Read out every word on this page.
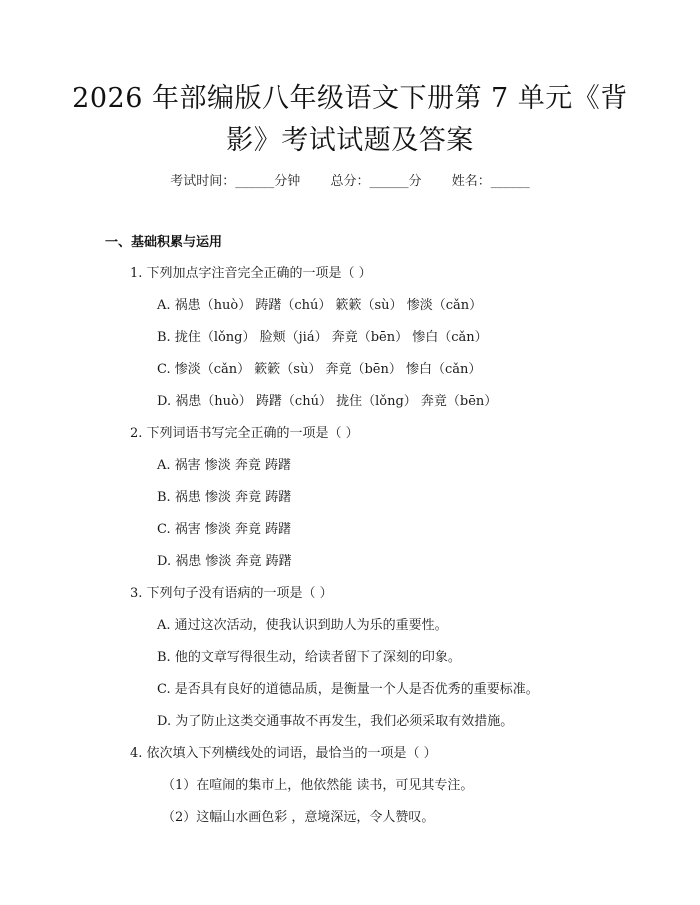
2026 年部编版八年级语文下册第 7 单元《背
影》考试试题及答案
考试时间：______分钟 总分：______分 姓名：______
一、基础积累与运用
1. 下列加点字注音完全正确的一项是（ ）
A. 祸患（huò） 踌躇（chú） 簌簌（sù） 惨淡（cǎn）
B. 拢住（lǒng） 脸颊（jiá） 奔竟（bēn） 惨白（cǎn）
C. 惨淡（cǎn） 簌簌（sù） 奔竟（bēn） 惨白（cǎn）
D. 祸患（huò） 踌躇（chú） 拢住（lǒng） 奔竟（bēn）
2. 下列词语书写完全正确的一项是（ ）
A. 祸害 惨淡 奔竟 踌躇
B. 祸患 惨淡 奔竟 踌躇
C. 祸害 惨淡 奔竟 踌躇
D. 祸患 惨淡 奔竟 踌躇
3. 下列句子没有语病的一项是（ ）
A. 通过这次活动，使我认识到助人为乐的重要性。
B. 他的文章写得很生动，给读者留下了深刻的印象。
C. 是否具有良好的道德品质，是衡量一个人是否优秀的重要标准。
D. 为了防止这类交通事故不再发生，我们必须采取有效措施。
4. 依次填入下列横线处的词语，最恰当的一项是（ ）
（1）在喧闹的集市上，他依然能 读书，可见其专注。
（2）这幅山水画色彩 ，意境深远，令人赞叹。
